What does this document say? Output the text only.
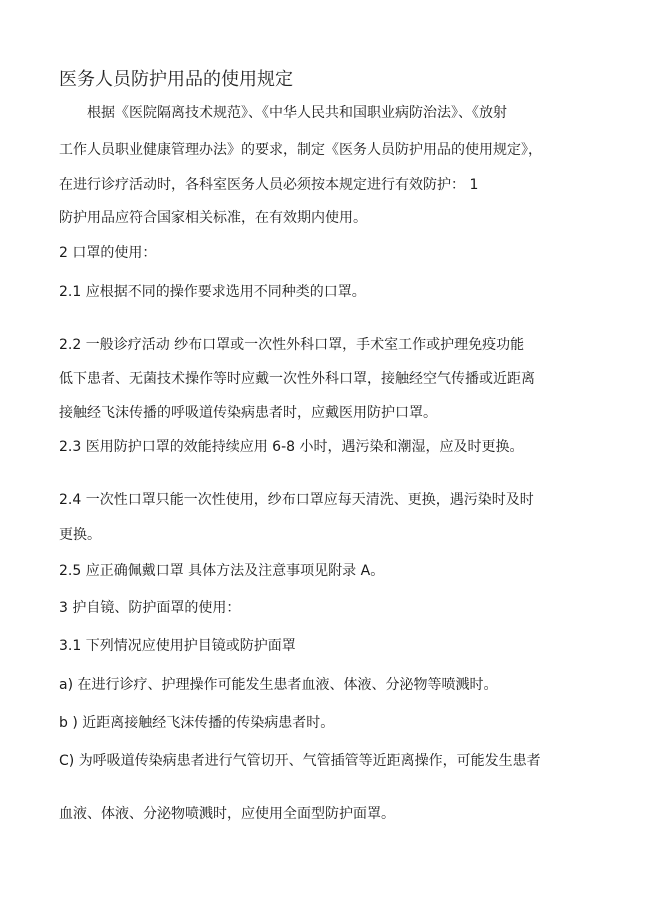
医务人员防护用品的使用规定
根据《医院隔离技术规范》、《中华人民共和国职业病防治法》、《放射
工作人员职业健康管理办法》的要求，制定《医务人员防护用品的使用规定》，
在进行诊疗活动时，各科室医务人员必须按本规定进行有效防护： 1
防护用品应符合国家相关标准，在有效期内使用。
2 口罩的使用：
2.1 应根据不同的操作要求选用不同种类的口罩。
2.2 一般诊疗活动 纱布口罩或一次性外科口罩，手术室工作或护理免疫功能
低下患者、无菌技术操作等时应戴一次性外科口罩，接触经空气传播或近距离
接触经飞沫传播的呼吸道传染病患者时，应戴医用防护口罩。
2.3 医用防护口罩的效能持续应用 6-8 小时，遇污染和潮湿，应及时更换。
2.4 一次性口罩只能一次性使用，纱布口罩应每天清洗、更换，遇污染时及时
更换。
2.5 应正确佩戴口罩 具体方法及注意事项见附录 A。
3 护自镜、防护面罩的使用：
3.1 下列情况应使用护目镜或防护面罩
a) 在进行诊疗、护理操作可能发生患者血液、体液、分泌物等喷溅时。
b ) 近距离接触经飞沫传播的传染病患者时。
C) 为呼吸道传染病患者进行气管切开、气管插管等近距离操作，可能发生患者
血液、体液、分泌物喷溅时，应使用全面型防护面罩。
